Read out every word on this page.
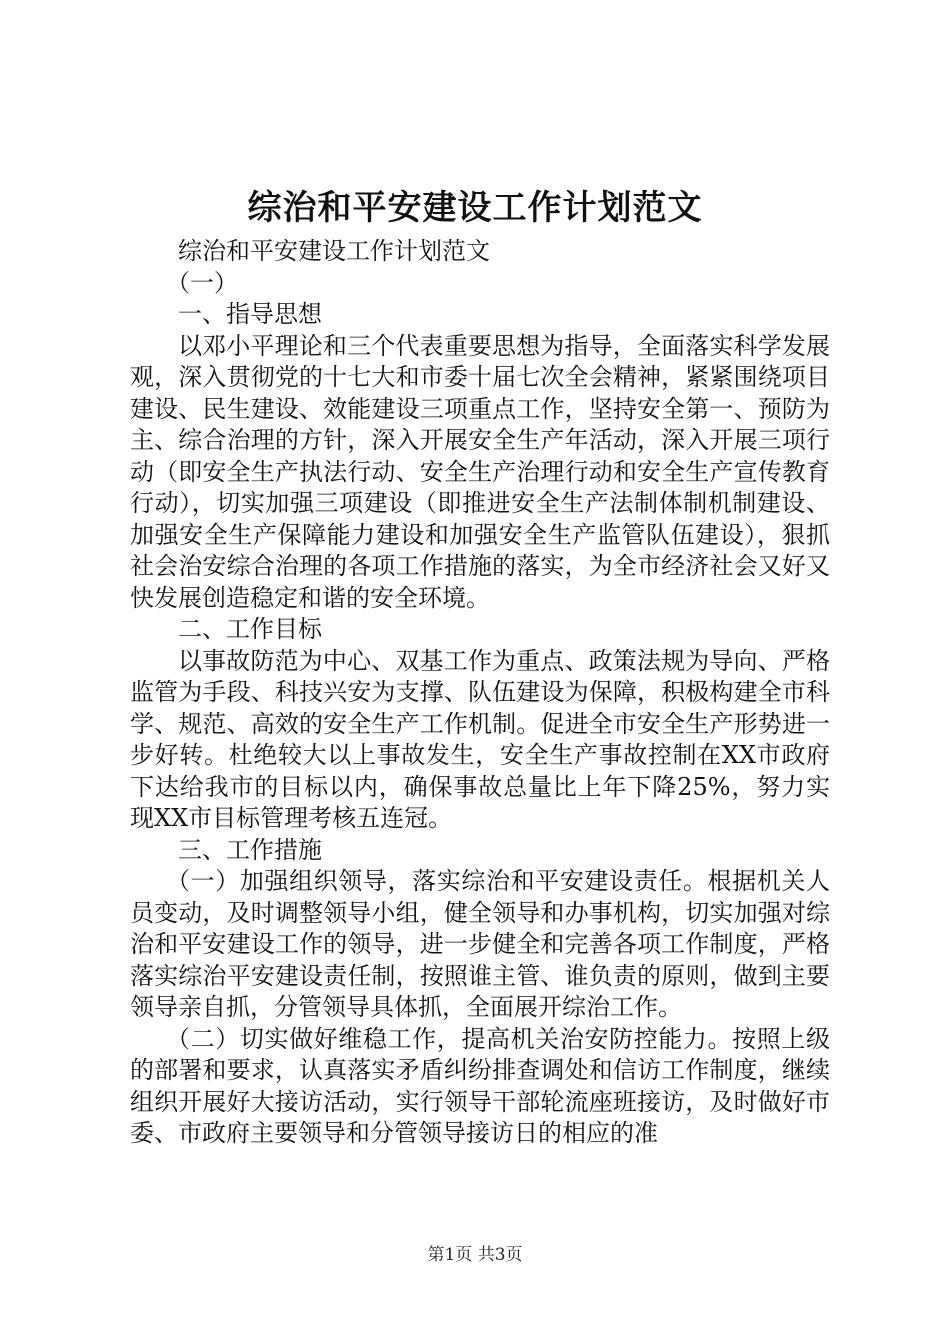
综治和平安建设工作计划范文

综治和平安建设工作计划范文

（一）

一、指导思想

以邓小平理论和三个代表重要思想为指导，全面落实科学发展观，深入贯彻党的十七大和市委十届七次全会精神，紧紧围绕项目建设、民生建设、效能建设三项重点工作，坚持安全第一、预防为主、综合治理的方针，深入开展安全生产年活动，深入开展三项行动（即安全生产执法行动、安全生产治理行动和安全生产宣传教育行动），切实加强三项建设（即推进安全生产法制体制机制建设、加强安全生产保障能力建设和加强安全生产监管队伍建设），狠抓社会治安综合治理的各项工作措施的落实，为全市经济社会又好又快发展创造稳定和谐的安全环境。

二、工作目标

以事故防范为中心、双基工作为重点、政策法规为导向、严格监管为手段、科技兴安为支撑、队伍建设为保障，积极构建全市科学、规范、高效的安全生产工作机制。促进全市安全生产形势进一步好转。杜绝较大以上事故发生，安全生产事故控制在XX市政府下达给我市的目标以内，确保事故总量比上年下降25%，努力实现XX市目标管理考核五连冠。

三、工作措施

（一）加强组织领导，落实综治和平安建设责任。根据机关人员变动，及时调整领导小组，健全领导和办事机构，切实加强对综治和平安建设工作的领导，进一步健全和完善各项工作制度，严格落实综治平安建设责任制，按照谁主管、谁负责的原则，做到主要领导亲自抓，分管领导具体抓，全面展开综治工作。

（二）切实做好维稳工作，提高机关治安防控能力。按照上级的部署和要求，认真落实矛盾纠纷排查调处和信访工作制度，继续组织开展好大接访活动，实行领导干部轮流座班接访，及时做好市委、市政府主要领导和分管领导接访日的相应的准

第1页 共3页
